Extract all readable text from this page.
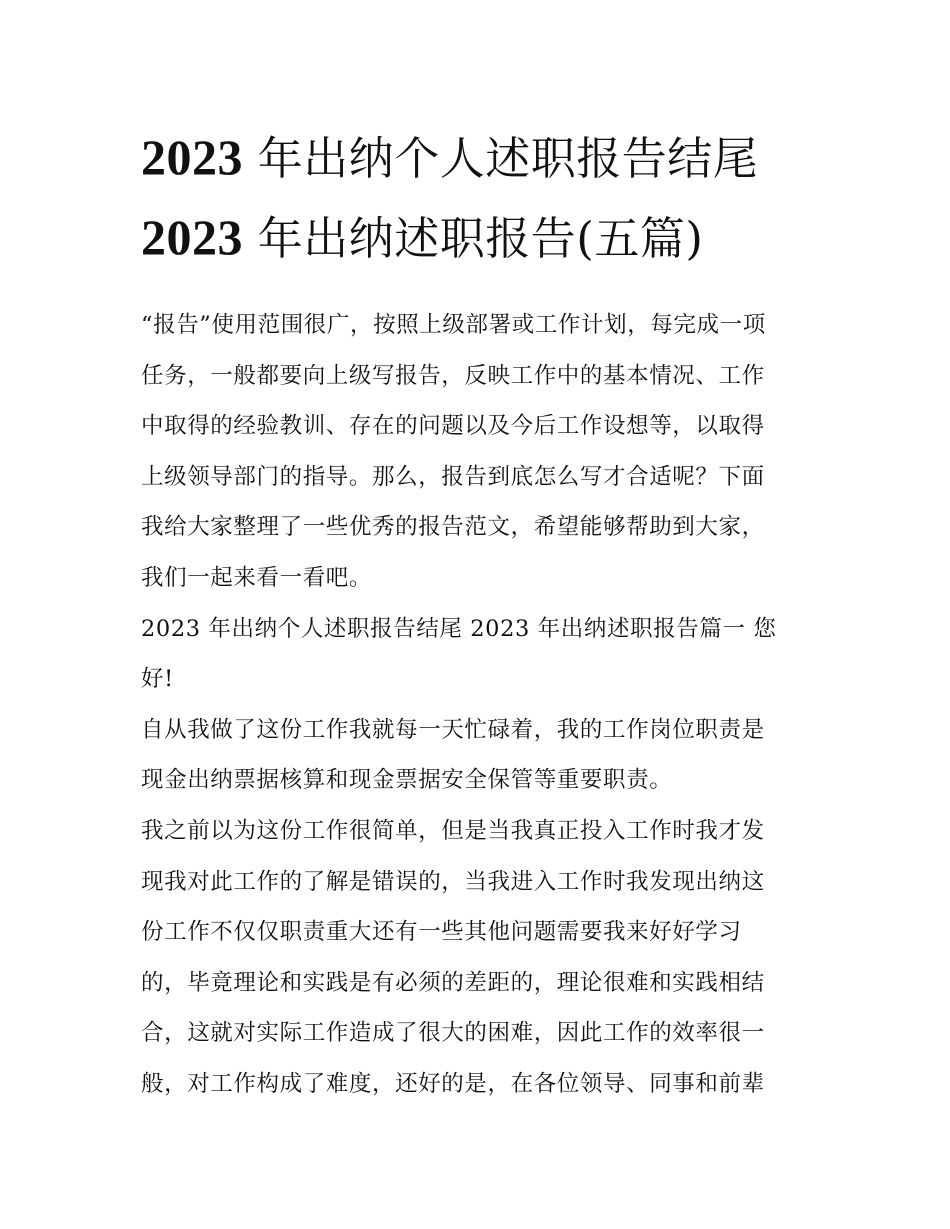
2023 年出纳个人述职报告结尾
2023 年出纳述职报告(五篇)

“报告”使用范围很广，按照上级部署或工作计划，每完成一项
任务，一般都要向上级写报告，反映工作中的基本情况、工作
中取得的经验教训、存在的问题以及今后工作设想等，以取得
上级领导部门的指导。那么，报告到底怎么写才合适呢？下面
我给大家整理了一些优秀的报告范文，希望能够帮助到大家，
我们一起来看一看吧。

2023 年出纳个人述职报告结尾 2023 年出纳述职报告篇一 您
好!

自从我做了这份工作我就每一天忙碌着，我的工作岗位职责是
现金出纳票据核算和现金票据安全保管等重要职责。

我之前以为这份工作很简单，但是当我真正投入工作时我才发
现我对此工作的了解是错误的，当我进入工作时我发现出纳这
份工作不仅仅职责重大还有一些其他问题需要我来好好学习
的，毕竟理论和实践是有必须的差距的，理论很难和实践相结
合，这就对实际工作造成了很大的困难，因此工作的效率很一
般，对工作构成了难度，还好的是，在各位领导、同事和前辈
